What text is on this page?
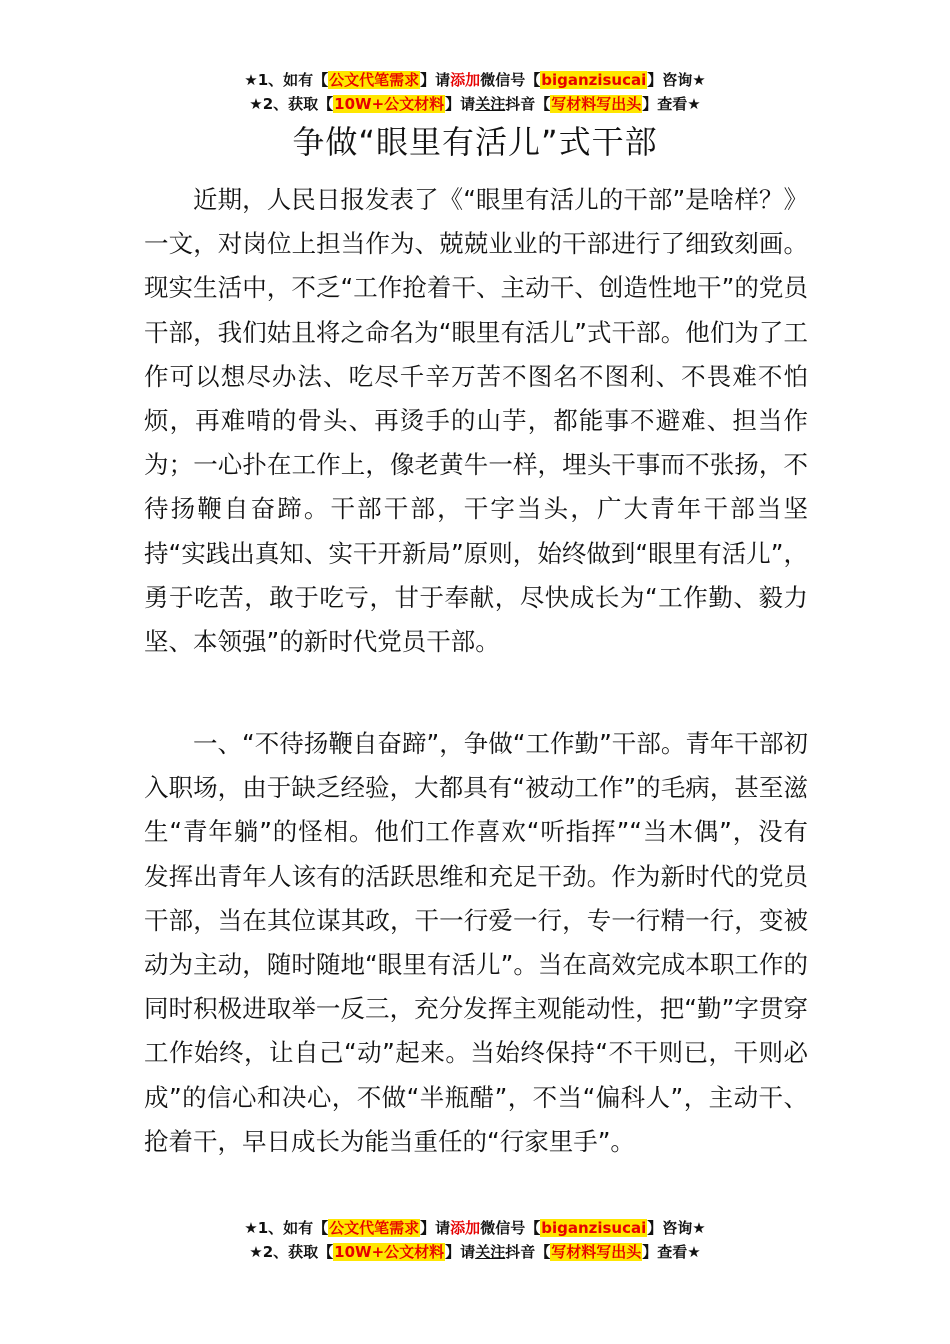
★1、如有【公文代笔需求】请添加微信号【biganzisucai】咨询★
★2、获取【10W+公文材料】请关注抖音【写材料写出头】查看★
争做“眼里有活儿”式干部

近期，人民日报发表了《“眼里有活儿的干部”是啥样？》一文，对岗位上担当作为、兢兢业业的干部进行了细致刻画。现实生活中，不乏“工作抢着干、主动干、创造性地干”的党员干部，我们姑且将之命名为“眼里有活儿”式干部。他们为了工作可以想尽办法、吃尽千辛万苦不图名不图利、不畏难不怕烦，再难啃的骨头、再烫手的山芋，都能事不避难、担当作为；一心扑在工作上，像老黄牛一样，埋头干事而不张扬，不待扬鞭自奋蹄。干部干部，干字当头，广大青年干部当坚持“实践出真知、实干开新局”原则，始终做到“眼里有活儿”，勇于吃苦，敢于吃亏，甘于奉献，尽快成长为“工作勤、毅力坚、本领强”的新时代党员干部。

一、“不待扬鞭自奋蹄”，争做“工作勤”干部。青年干部初入职场，由于缺乏经验，大都具有“被动工作”的毛病，甚至滋生“青年躺”的怪相。他们工作喜欢“听指挥”“当木偶”，没有发挥出青年人该有的活跃思维和充足干劲。作为新时代的党员干部，当在其位谋其政，干一行爱一行，专一行精一行，变被动为主动，随时随地“眼里有活儿”。当在高效完成本职工作的同时积极进取举一反三，充分发挥主观能动性，把“勤”字贯穿工作始终，让自己“动”起来。当始终保持“不干则已，干则必成”的信心和决心，不做“半瓶醋”，不当“偏科人”，主动干、抢着干，早日成长为能当重任的“行家里手”。

★1、如有【公文代笔需求】请添加微信号【biganzisucai】咨询★
★2、获取【10W+公文材料】请关注抖音【写材料写出头】查看★
